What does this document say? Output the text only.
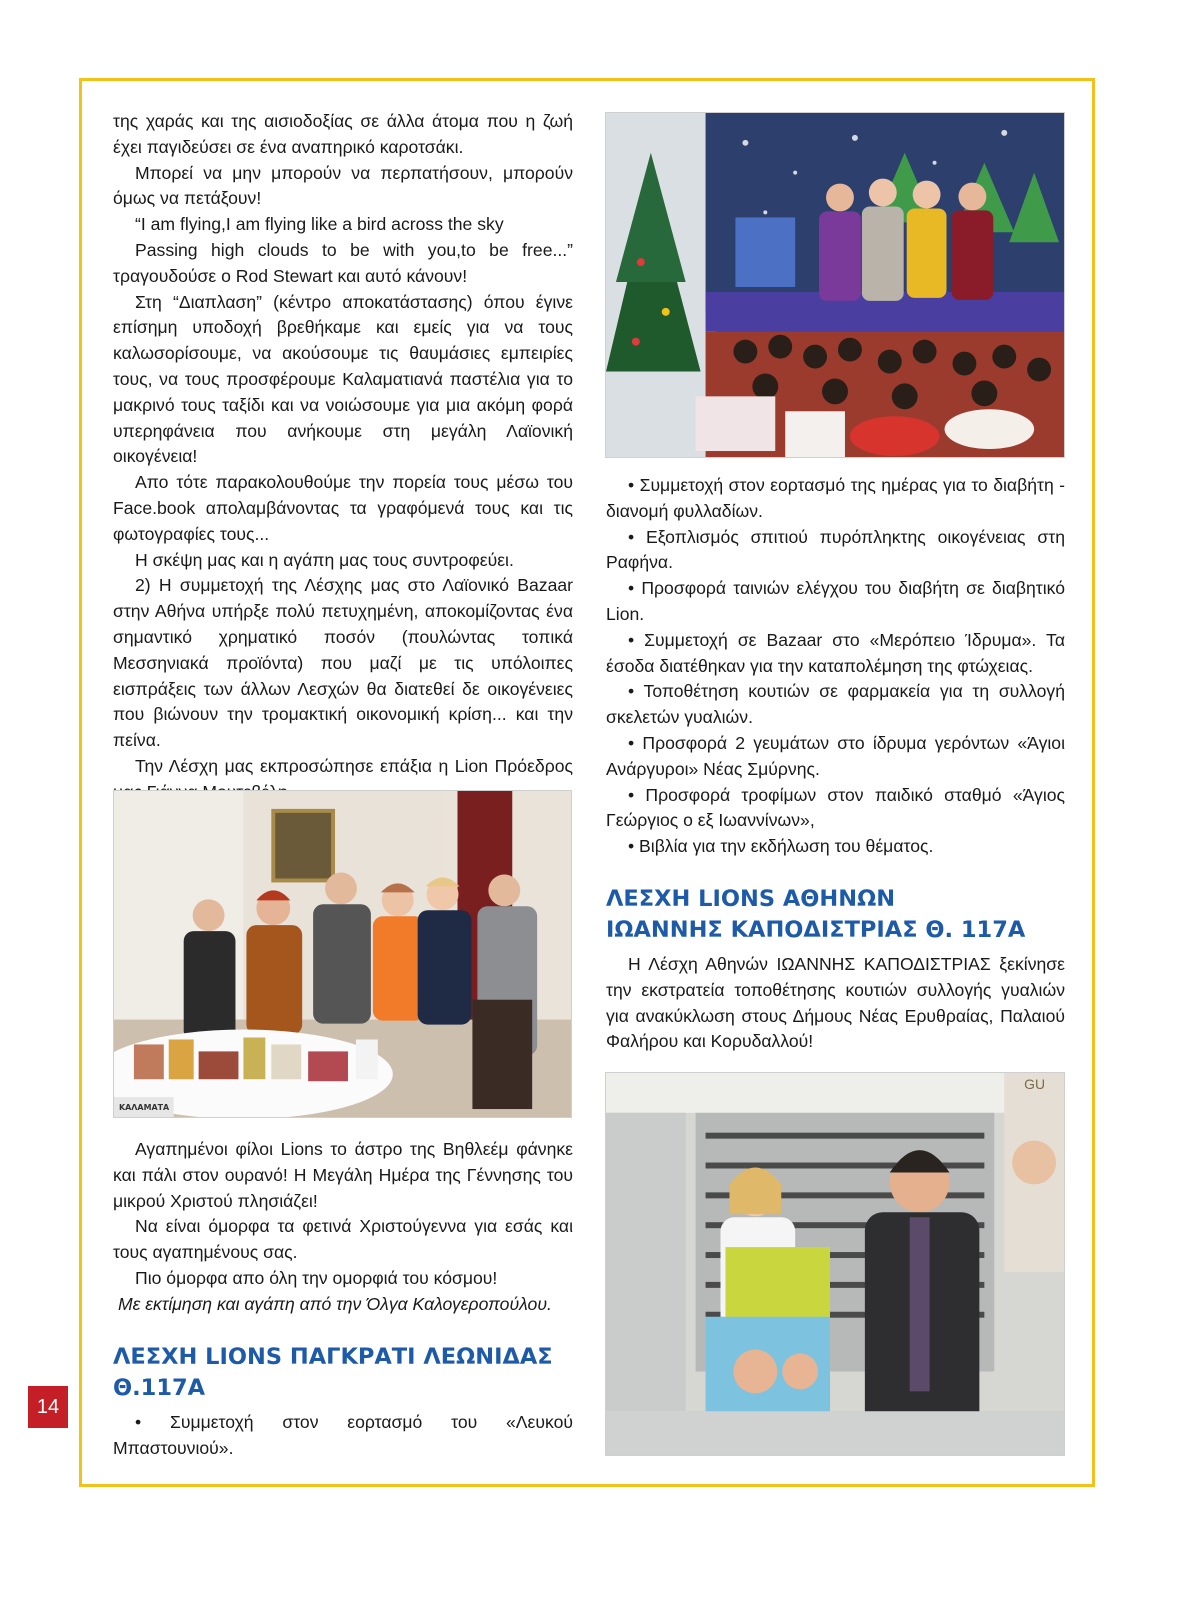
της χαράς και της αισιοδοξίας σε άλλα άτομα που η ζωή έχει παγιδεύσει σε ένα αναπηρικό καροτσάκι.

Μπορεί να μην μπορούν να περπατήσουν, μπορούν όμως να πετάξουν!

“I am flying,I am flying like a bird across the sky

Passing high clouds to be with you,to be free...” τραγουδούσε ο Rod Stewart και αυτό κάνουν!

Στη “Διαπλαση” (κέντρο αποκατάστασης) όπου έγινε επίσημη υποδοχή βρεθήκαμε και εμείς για να τους καλωσορίσουμε, να ακούσουμε τις θαυμάσιες εμπειρίες τους, να τους προσφέρουμε Καλαματιανά παστέλια για το μακρινό τους ταξίδι και να νοιώσουμε για μια ακόμη φορά υπερηφάνεια που ανήκουμε στη μεγάλη Λαϊονική οικογένεια!

Απο τότε παρακολουθούμε την πορεία τους μέσω του Face.book απολαμβάνοντας τα γραφόμενά τους και τις φωτογραφίες τους...

Η σκέψη μας και η αγάπη μας τους συντροφεύει.

2) Η συμμετοχή της Λέσχης μας στο Λαϊονικό Bazaar στην Αθήνα υπήρξε πολύ πετυχημένη, αποκομίζοντας ένα σημαντικό χρηματικό ποσόν (πουλώντας τοπικά Μεσσηνιακά προϊόντα) που μαζί με τις υπόλοιπες εισπράξεις των άλλων Λεσχών θα διατεθεί δε οικογένειες που βιώνουν την τρομακτική οικονομική κρίση... και την πείνα.

Την Λέσχη μας εκπροσώπησε επάξια η Lion Πρόεδρος

ΚΑΛΑΜΑΤΑ

Αγαπημένοι φίλοι Lions το άστρο της Βηθλεέμ φάνηκε και πάλι στον ουρανό! Η Μεγάλη Ημέρα της Γέννησης του μικρού Χριστού πλησιάζει!

Να είναι όμορφα τα φετινά Χριστούγεννα για εσάς και τους αγαπημένους σας.

Πιο όμορφα απο όλη την ομορφιά του κόσμου!

Με εκτίμηση και αγάπη από την Όλγα Καλογεροπούλου.

ΛΕΣΧΗ LIONS ΠΑΓΚΡΑΤΙ ΛΕΩΝΙΔΑΣ

Θ.117Α

• Συμμετοχή στον εορτασμό του «Λευκού Μπαστουνιού».

• Συμμετοχή στον εορτασμό της ημέρας για το διαβήτη - διανομή φυλλαδίων.

• Εξοπλισμός σπιτιού πυρόπληκτης οικογένειας στη Ραφήνα.

• Προσφορά ταινιών ελέγχου του διαβήτη σε διαβητικό Lion.

• Συμμετοχή σε Bazaar στο «Μερόπειο Ίδρυμα». Τα έσοδα διατέθηκαν για την καταπολέμηση της φτώχειας.

• Τοποθέτηση κουτιών σε φαρμακεία για τη συλλογή σκελετών γυαλιών.

• Προσφορά 2 γευμάτων στο ίδρυμα γερόντων «Άγιοι Ανάργυροι» Νέας Σμύρνης.

• Προσφορά τροφίμων στον παιδικό σταθμό «Άγιος Γεώργιος ο εξ Ιωαννίνων»,

• Βιβλία για την εκδήλωση του θέματος.

ΛΕΣΧΗ LIONS ΑΘΗΝΩΝ

ΙΩΑΝΝΗΣ ΚΑΠΟΔΙΣΤΡΙΑΣ Θ. 117Α

Η Λέσχη Αθηνών ΙΩΑΝΝΗΣ ΚΑΠΟΔΙΣΤΡΙΑΣ ξεκίνησε την εκστρατεία τοποθέτησης κουτιών συλλογής γυαλιών για ανακύκλωση στους Δήμους Νέας Ερυθραίας, Παλαιού Φαλήρου και Κορυδαλλού!

GU
14
